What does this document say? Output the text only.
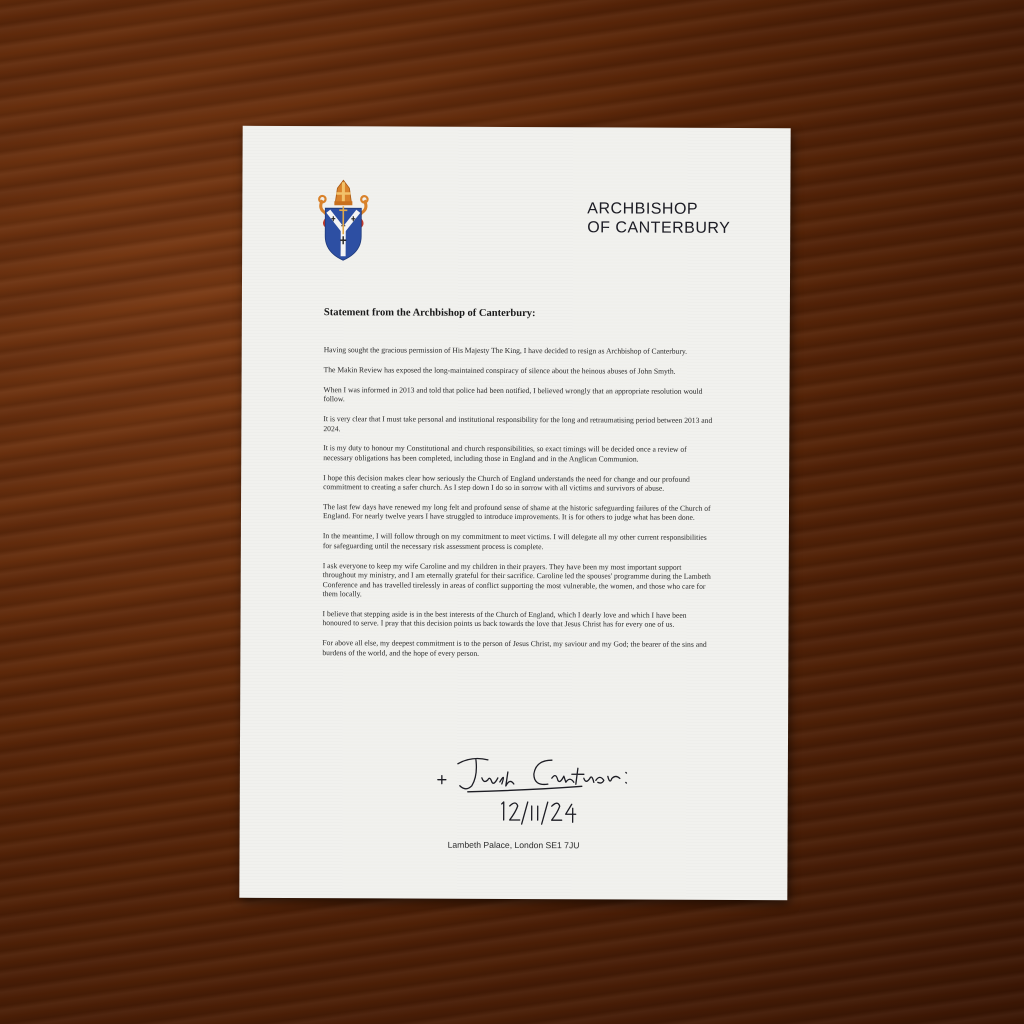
ARCHBISHOP
OF CANTERBURY
Statement from the Archbishop of Canterbury:

Having sought the gracious permission of His Majesty The King, I have decided to resign as Archbishop of Canterbury.

The Makin Review has exposed the long-maintained conspiracy of silence about the heinous abuses of John Smyth.

When I was informed in 2013 and told that police had been notified, I believed wrongly that an appropriate resolution would follow.

It is very clear that I must take personal and institutional responsibility for the long and retraumatising period between 2013 and 2024.

It is my duty to honour my Constitutional and church responsibilities, so exact timings will be decided once a review of necessary obligations has been completed, including those in England and in the Anglican Communion.

I hope this decision makes clear how seriously the Church of England understands the need for change and our profound commitment to creating a safer church. As I step down I do so in sorrow with all victims and survivors of abuse.

The last few days have renewed my long felt and profound sense of shame at the historic safeguarding failures of the Church of England. For nearly twelve years I have struggled to introduce improvements. It is for others to judge what has been done.

In the meantime, I will follow through on my commitment to meet victims. I will delegate all my other current responsibilities for safeguarding until the necessary risk assessment process is complete.

I ask everyone to keep my wife Caroline and my children in their prayers. They have been my most important support throughout my ministry, and I am eternally grateful for their sacrifice. Caroline led the spouses' programme during the Lambeth Conference and has travelled tirelessly in areas of conflict supporting the most vulnerable, the women, and those who care for them locally.

I believe that stepping aside is in the best interests of the Church of England, which I dearly love and which I have been honoured to serve. I pray that this decision points us back towards the love that Jesus Christ has for every one of us.

For above all else, my deepest commitment is to the person of Jesus Christ, my saviour and my God; the bearer of the sins and burdens of the world, and the hope of every person.

Lambeth Palace, London SE1 7JU
